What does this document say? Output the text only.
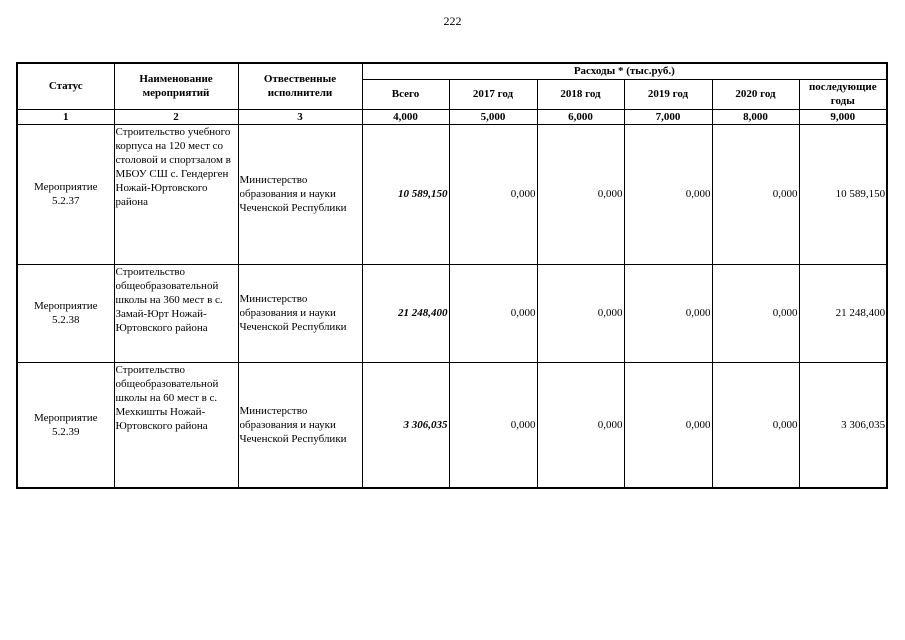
222
Статус	Наименование мероприятий	Отвественные исполнители	Расходы * (тыс.руб.)					
			Всего	2017 год	2018 год	2019 год	2020 год	последующие годы

1	2	3	4,000	5,000	6,000	7,000	8,000	9,000
Мероприятие 5.2.37	Строительство учебного корпуса на 120 мест со столовой и спортзалом в МБОУ СШ с. Гендерген Ножай-Юртовского района	Министерство образования и науки Чеченской Республики	10 589,150	0,000	0,000	0,000	0,000	10 589,150
Мероприятие 5.2.38	Строительство общеобразовательной школы на 360 мест в с. Замай-Юрт Ножай-Юртовского района	Министерство образования и науки Чеченской Республики	21 248,400	0,000	0,000	0,000	0,000	21 248,400
Мероприятие 5.2.39	Строительство общеобразовательной школы на 60 мест в с. Мехкишты Ножай-Юртовского района	Министерство образования и науки Чеченской Республики	3 306,035	0,000	0,000	0,000	0,000	3 306,035
